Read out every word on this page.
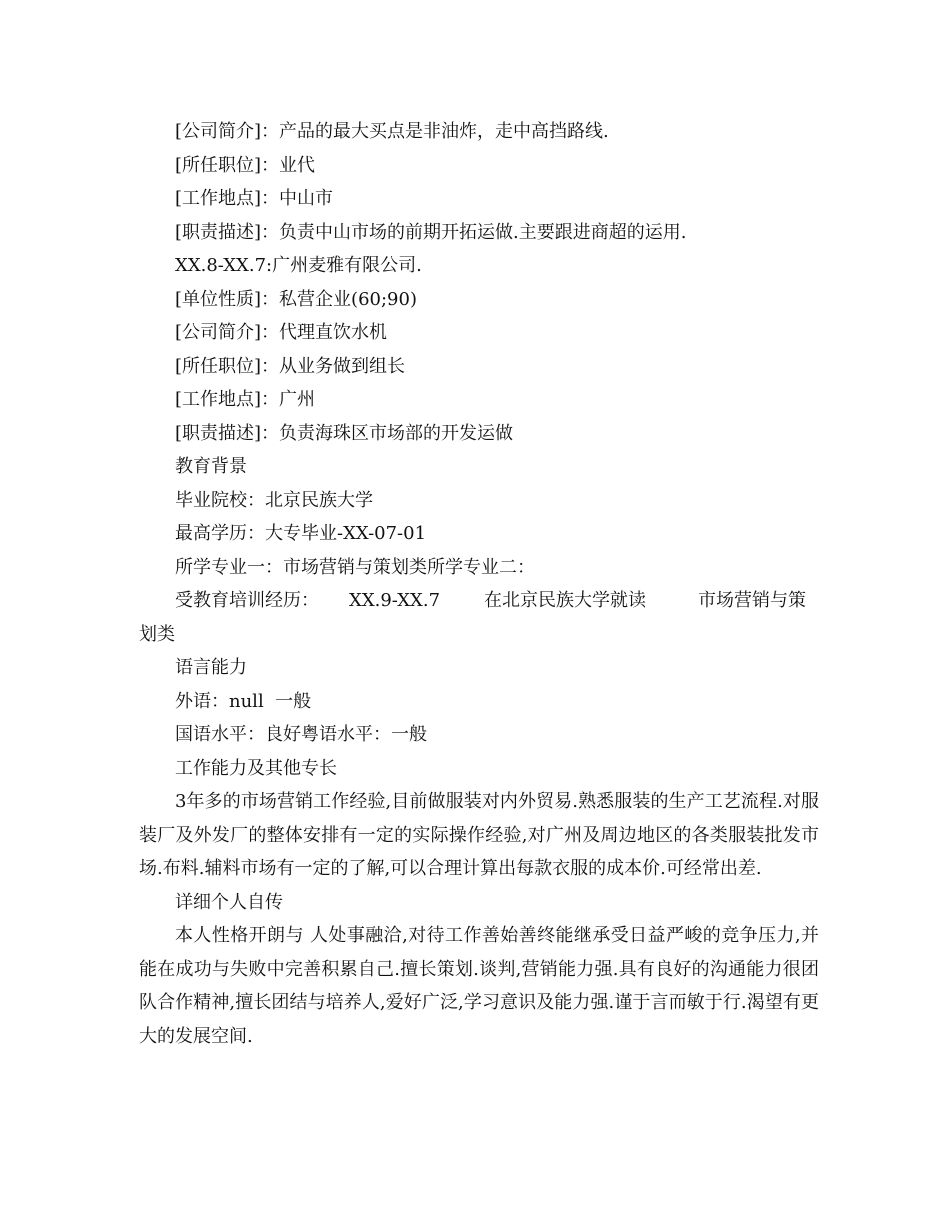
[公司简介]：产品的最大买点是非油炸，走中高挡路线.

[所任职位]：业代

[工作地点]：中山市

[职责描述]：负责中山市场的前期开拓运做.主要跟进商超的运用.

XX.8-XX.7:广州麦雅有限公司.

[单位性质]：私营企业(60;90)

[公司简介]：代理直饮水机

[所任职位]：从业务做到组长

[工作地点]：广州

[职责描述]：负责海珠区市场部的开发运做

教育背景

毕业院校：北京民族大学

最高学历：大专毕业-XX-07-01

所学专业一：市场营销与策划类所学专业二：

受教育培训经历： XX.9-XX.7 在北京民族大学就读	市场营销与策划类

语言能力

外语：null  一般

国语水平：良好粤语水平：一般

工作能力及其他专长

3年多的市场营销工作经验,目前做服装对内外贸易.熟悉服装的生产工艺流程.对服装厂及外发厂的整体安排有一定的实际操作经验,对广州及周边地区的各类服装批发市场.布料.辅料市场有一定的了解,可以合理计算出每款衣服的成本价.可经常出差.

详细个人自传

本人性格开朗与 人处事融洽,对待工作善始善终能继承受日益严峻的竞争压力,并能在成功与失败中完善积累自己.擅长策划.谈判,营销能力强.具有良好的沟通能力很团队合作精神,擅长团结与培养人,爱好广泛,学习意识及能力强.谨于言而敏于行.渴望有更大的发展空间.
